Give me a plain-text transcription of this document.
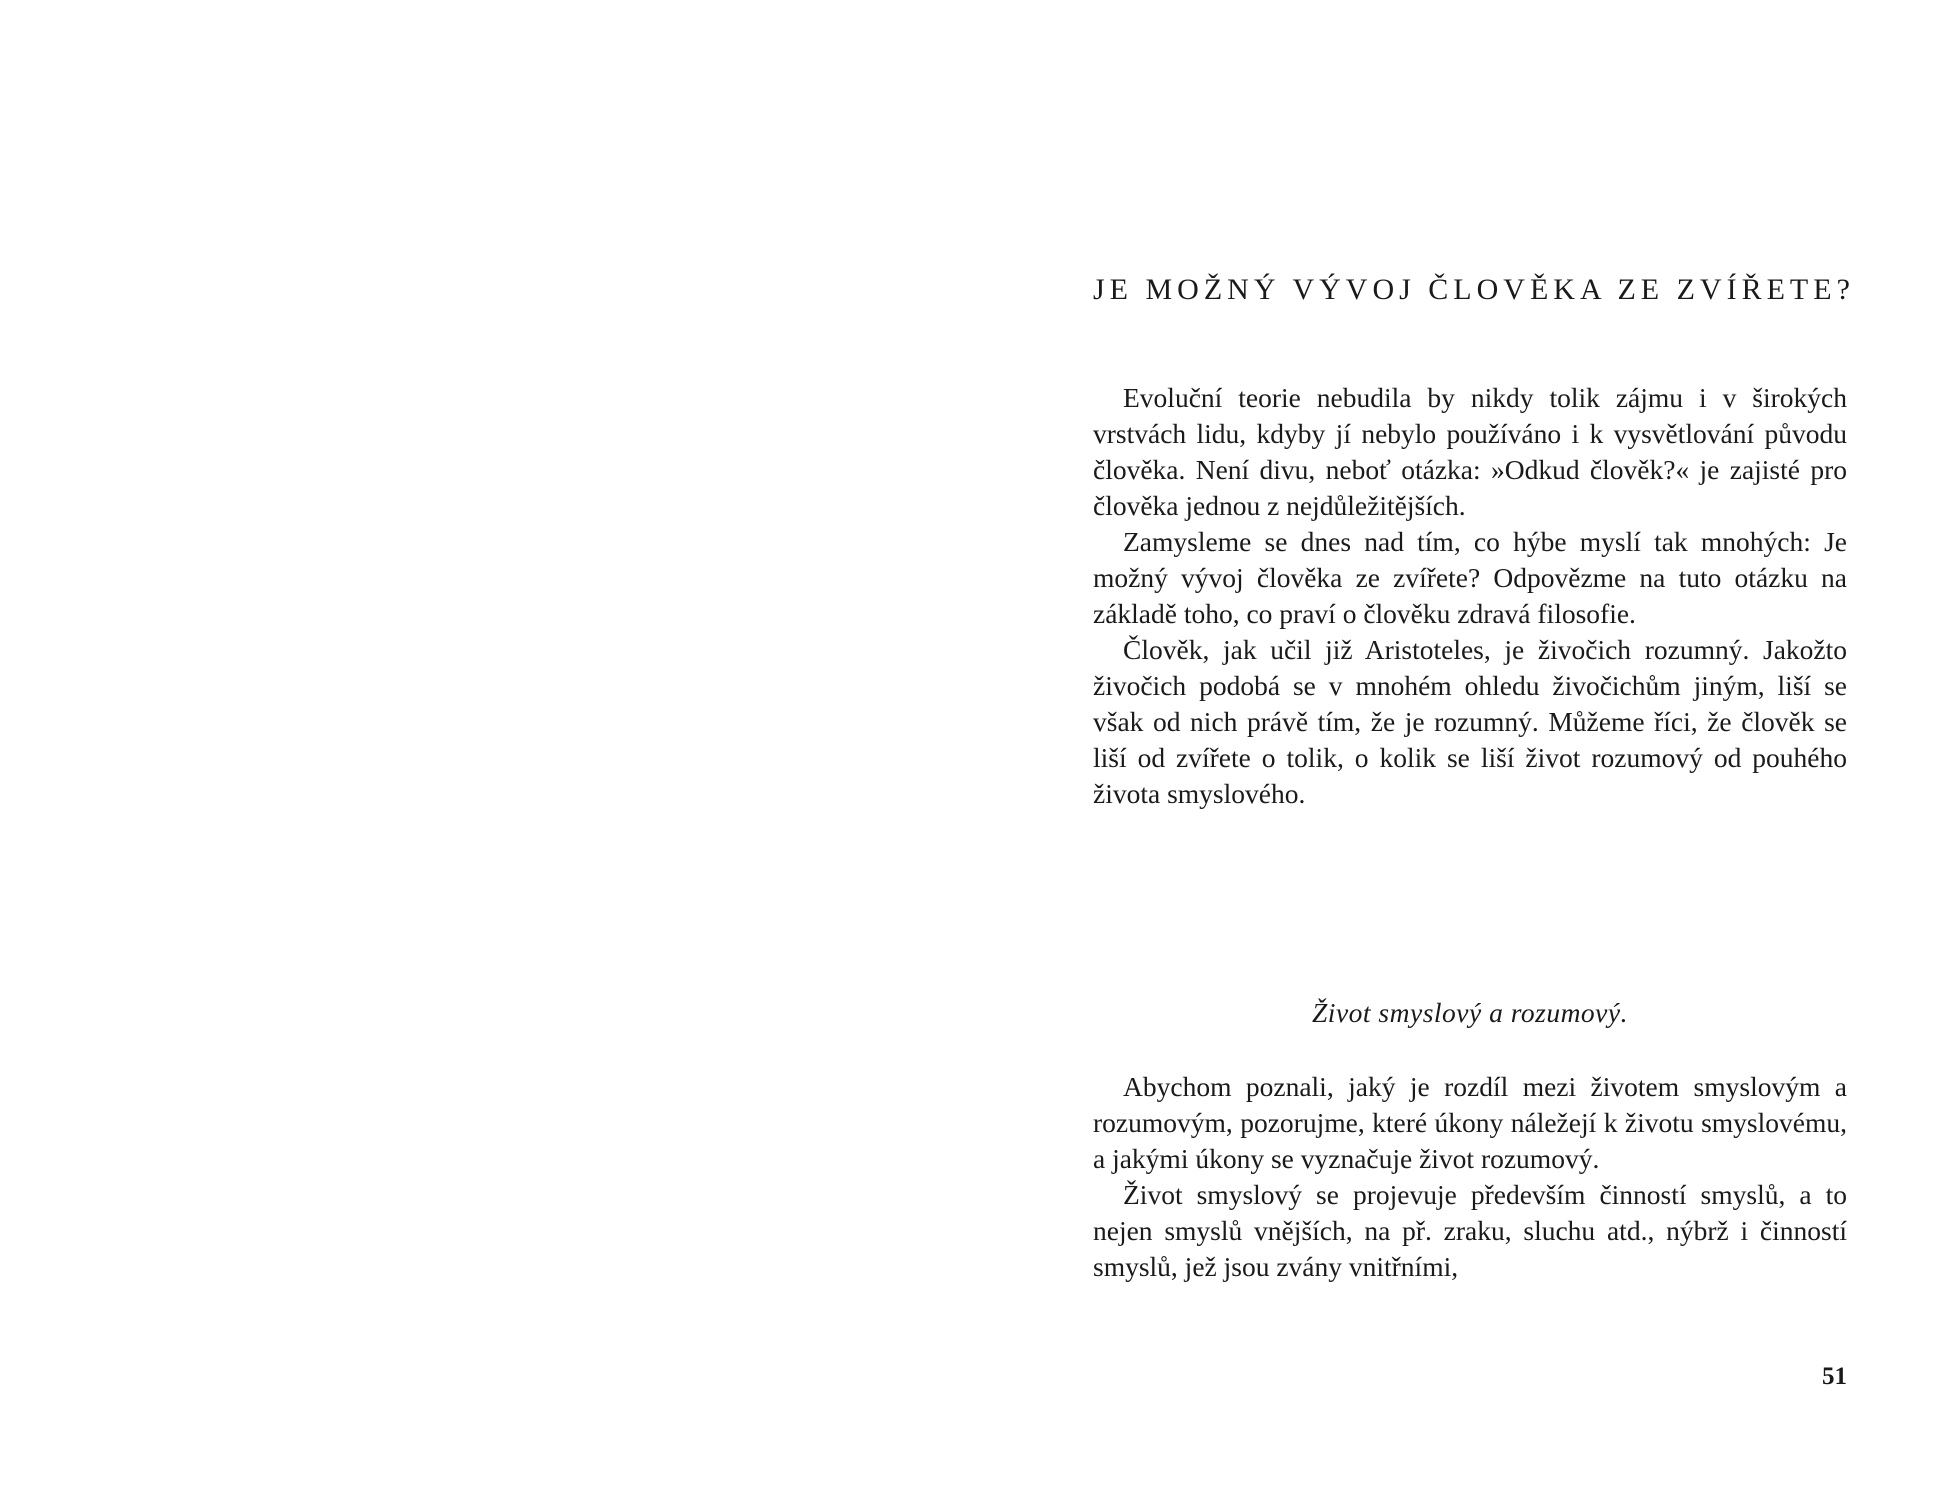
JE MOŽNÝ VÝVOJ ČLOVĚKA ZE ZVÍŘETE?

Evoluční teorie nebudila by nikdy tolik zájmu i v širokých vrstvách lidu, kdyby jí nebylo používáno i k vysvětlování původu člověka. Není divu, neboť otázka: »Odkud člověk?« je zajisté pro člověka jednou z nejdůležitějších.

Zamysleme se dnes nad tím, co hýbe myslí tak mnohých: Je možný vývoj člověka ze zvířete? Odpovězme na tuto otázku na základě toho, co praví o člověku zdravá filosofie.

Člověk, jak učil již Aristoteles, je živočich rozumný. Jakožto živočich podobá se v mnohém ohledu živočichům jiným, liší se však od nich právě tím, že je rozumný. Můžeme říci, že člověk se liší od zvířete o tolik, o kolik se liší život rozumový od pouhého života smyslového.

Život smyslový a rozumový.

Abychom poznali, jaký je rozdíl mezi životem smyslovým a rozumovým, pozorujme, které úkony náležejí k životu smyslovému, a jakými úkony se vyznačuje život rozumový.

Život smyslový se projevuje především činností smyslů, a to nejen smyslů vnějších, na př. zraku, sluchu atd., nýbrž i činností smyslů, jež jsou zvány vnitřními,

51
